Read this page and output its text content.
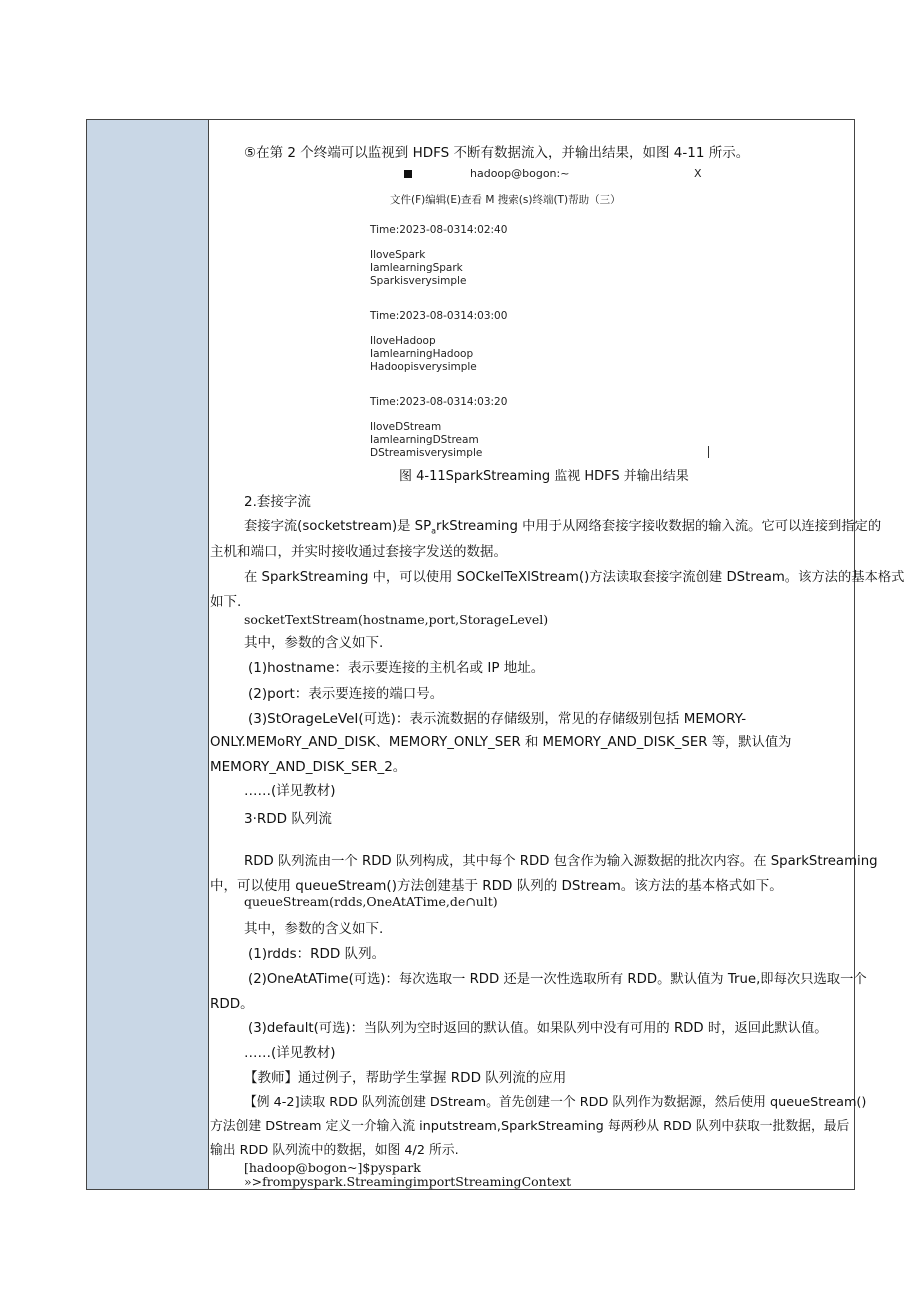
⑤在第 2 个终端可以监视到 HDFS 不断有数据流入，并输出结果，如图 4-11 所示。
hadoop@bogon:~	X
文件(F)编辑(E)查看 M 搜索(s)终端(T)帮助（三）
Time:2023-08-0314:02:40
IloveSpark
IamlearningSpark
Sparkisverysimple
Time:2023-08-0314:03:00
IloveHadoop
IamlearningHadoop
Hadoopisverysimple
Time:2023-08-0314:03:20
IloveDStream
IamlearningDStream
DStreamisverysimple
图 4-11SparkStreaming 监视 HDFS 并输出结果
2.套接字流
套接字流(socketstream)是 $SP_arkStreaming$ 中用于从网络套接字接收数据的输入流。它可以连接到指定的
主机和端口，并实时接收通过套接字发送的数据。
在 SparkStreaming 中，可以使用 SOCkelTeXlStream()方法读取套接字流创建 DStream。该方法的基本格式
如下.
socketTextStream(hostname,port,StorageLevel)
其中，参数的含义如下.
(1)hostname：表示要连接的主机名或 IP 地址。
(2)port：表示要连接的端口号。
(3)StOrageLeVeI(可选)：表示流数据的存储级别，常见的存储级别包括 MEMORY-
ONLY.MEMoRY_AND_DISK、MEMORY_ONLY_SER 和 MEMORY_AND_DISK_SER 等，默认值为
MEMORY_AND_DISK_SER_2。
……(详见教材)
3·RDD 队列流
RDD 队列流由一个 RDD 队列构成，其中每个 RDD 包含作为输入源数据的批次内容。在 SparkStreaming
中，可以使用 queueStream()方法创建基于 RDD 队列的 DStream。该方法的基本格式如下。
queueStream(rdds,OneAtATime,de∩ult)
其中，参数的含义如下.
(1)rdds：RDD 队列。
(2)OneAtATime(可选)：每次选取一 RDD 还是一次性选取所有 RDD。默认值为 True,即每次只选取一个
RDD。
(3)default(可选)：当队列为空时返回的默认值。如果队列中没有可用的 RDD 时，返回此默认值。
……(详见教材)
【教师】通过例子，帮助学生掌握 RDD 队列流的应用
【例 4-2]读取 RDD 队列流创建 DStream。首先创建一个 RDD 队列作为数据源，然后使用 queueStream()
方法创建 DStream 定义一介输入流 inputstream,SparkStreaming 每两秒从 RDD 队列中获取一批数据，最后
输出 RDD 队列流中的数据，如图 4/2 所示.
[hadoop@bogon~]$pyspark
»>frompyspark.StreamingimportStreamingContext
